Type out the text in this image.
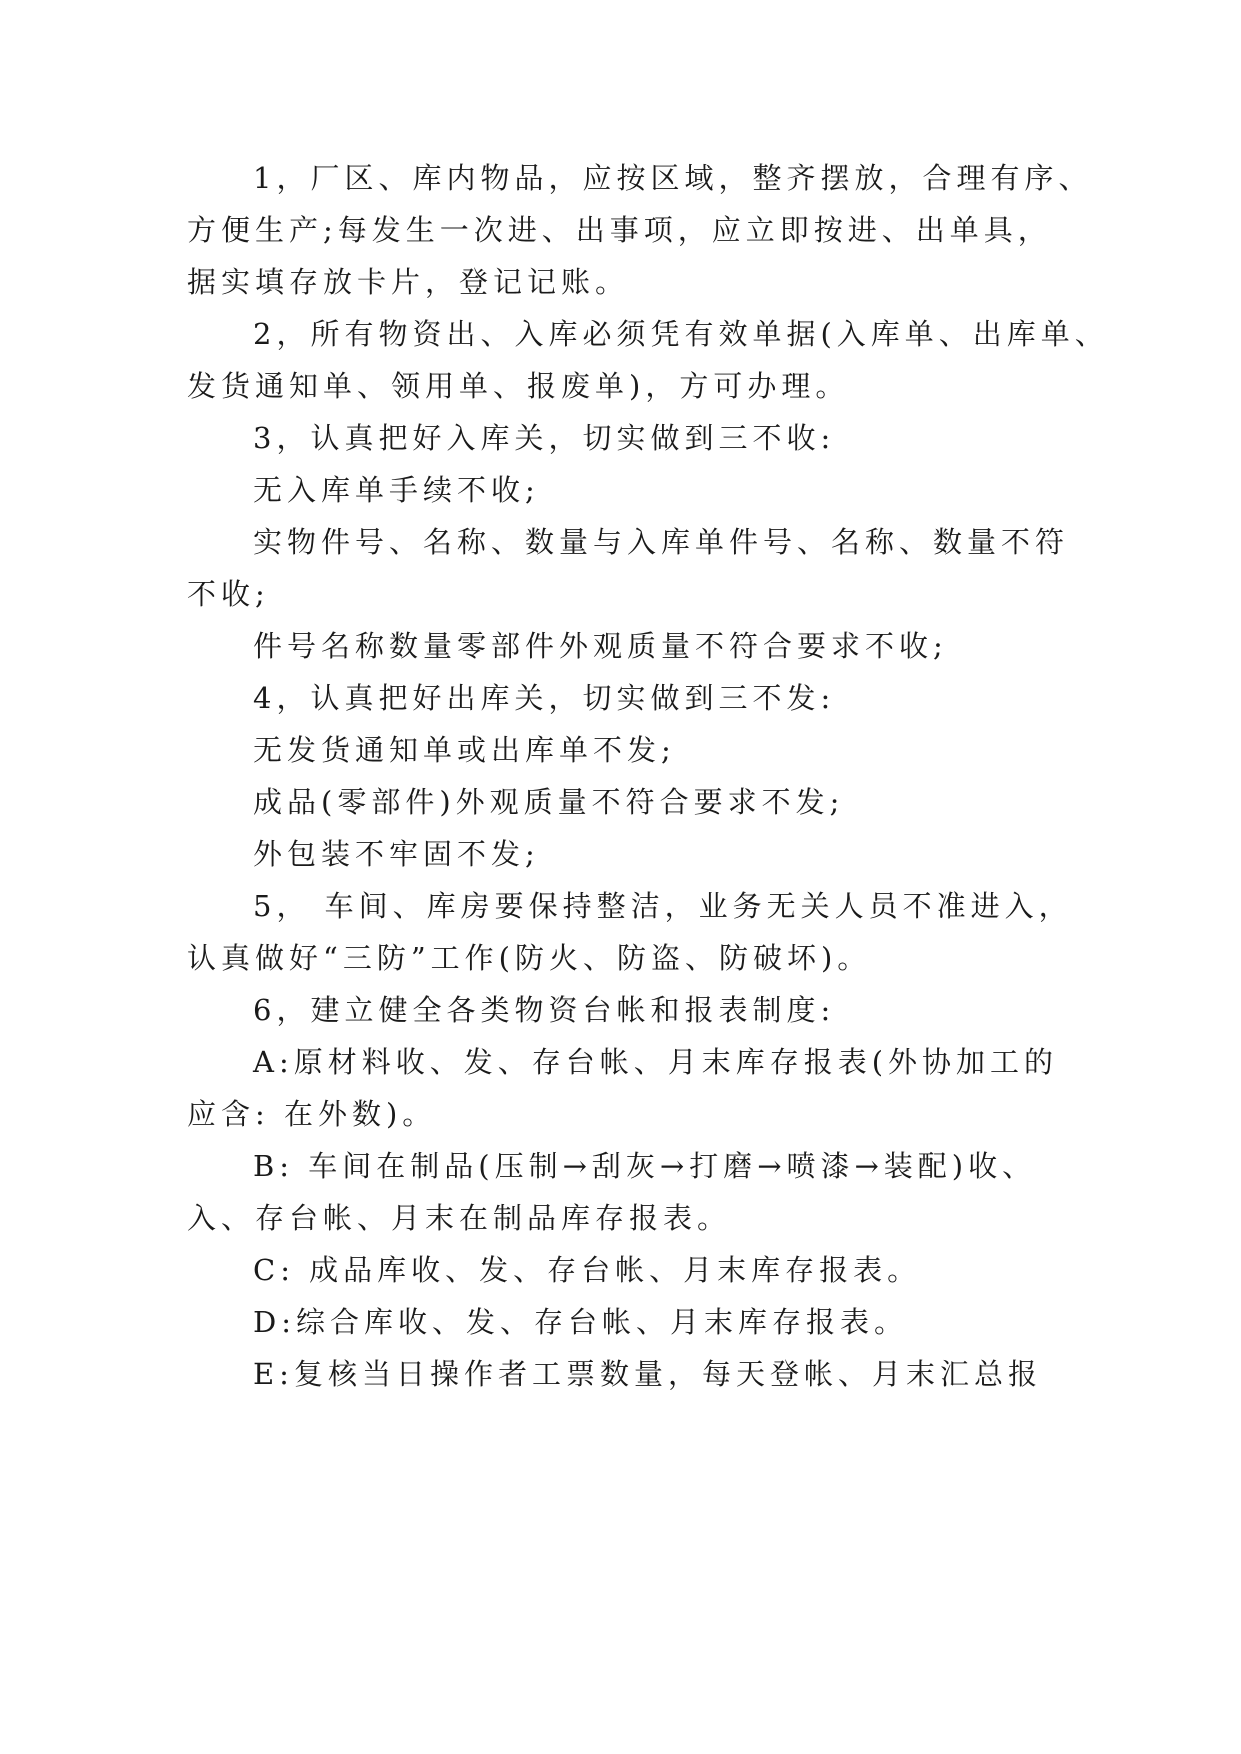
1，厂区、库内物品，应按区域，整齐摆放，合理有序、
方便生产;每发生一次进、出事项，应立即按进、出单具，
据实填存放卡片，登记记账。
2，所有物资出、入库必须凭有效单据(入库单、出库单、
发货通知单、领用单、报废单)，方可办理。
3，认真把好入库关，切实做到三不收:
无入库单手续不收;
实物件号、名称、数量与入库单件号、名称、数量不符
不收;
件号名称数量零部件外观质量不符合要求不收;
4，认真把好出库关，切实做到三不发:
无发货通知单或出库单不发;
成品(零部件)外观质量不符合要求不发;
外包装不牢固不发;
5， 车间、库房要保持整洁，业务无关人员不准进入，
认真做好“三防”工作(防火、防盗、防破坏)。
6，建立健全各类物资台帐和报表制度:
A:原材料收、发、存台帐、月末库存报表(外协加工的
应含: 在外数)。
B: 车间在制品(压制→刮灰→打磨→喷漆→装配)收、
入、存台帐、月末在制品库存报表。
C: 成品库收、发、存台帐、月末库存报表。
D:综合库收、发、存台帐、月末库存报表。
E:复核当日操作者工票数量，每天登帐、月末汇总报
